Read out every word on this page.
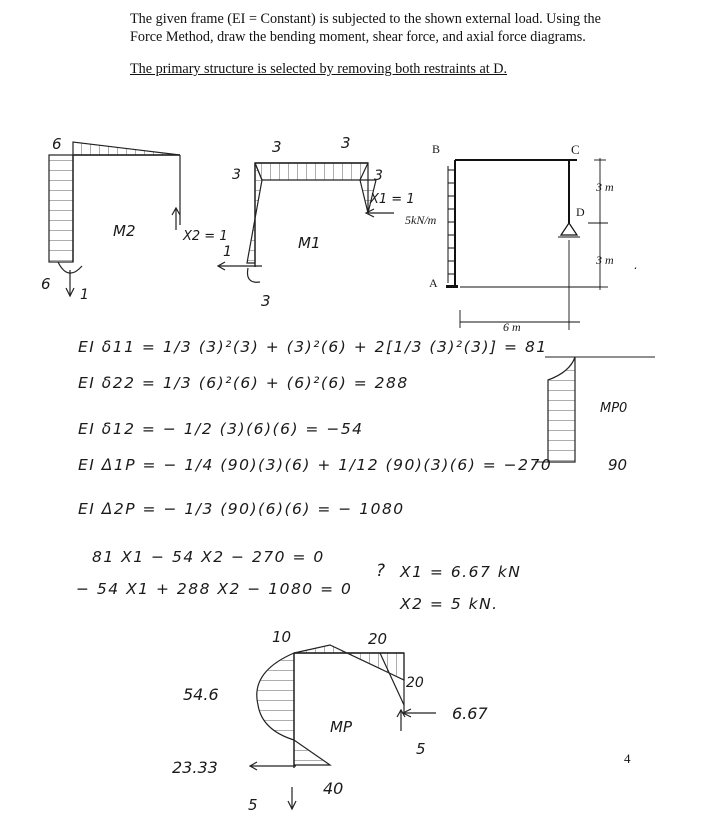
The given frame (EI = Constant) is subjected to the shown external load. Using the Force Method, draw the bending moment, shear force, and axial force diagrams.
The primary structure is selected by removing both restraints at D.
6
6
1
M2	X2 = 1
3	3
3	3
X1 = 1
1
3
M1
B	C
D
A
5kN/m
3 m
3 m
6 m
.
MP0
90
10	20
20
6.67
54.6
MP
23.33
5
40
5
EI δ11 = 1/3 (3)²(3) + (3)²(6) + 2[1/3 (3)²(3)] = 81
EI δ22 = 1/3 (6)²(6) + (6)²(6) = 288
EI δ12 = − 1/2 (3)(6)(6) = −54
EI Δ1P = − 1/4 (90)(3)(6) + 1/12 (90)(3)(6) = −270
EI Δ2P = − 1/3 (90)(6)(6) = − 1080
81 X1 − 54 X2 − 270 = 0
− 54 X1 + 288 X2 − 1080 = 0
? X1 = 6.67 kN
X2 = 5 kN.
4
